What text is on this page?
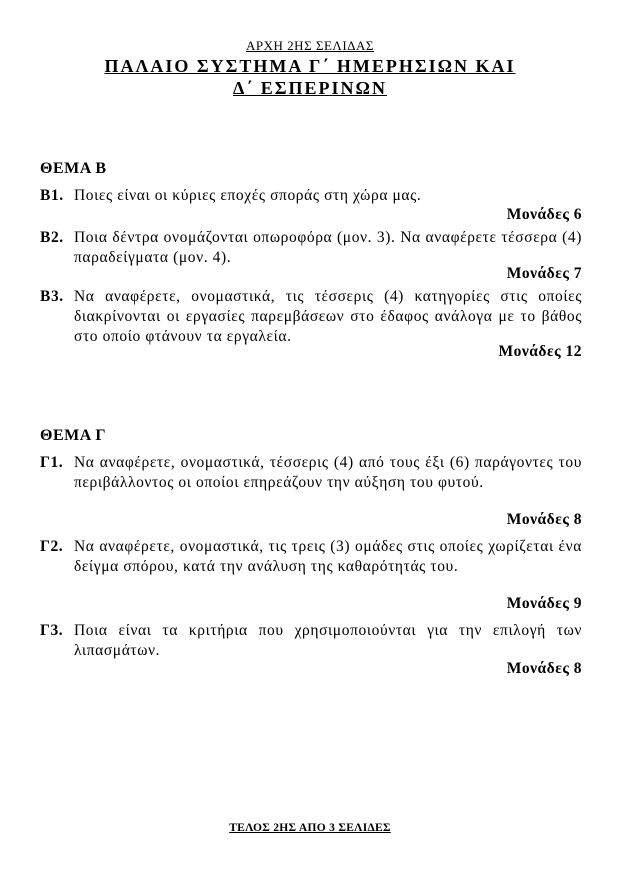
ΑΡΧΗ 2ΗΣ ΣΕΛΙΔΑΣ
ΠΑΛΑΙΟ ΣΥΣΤΗΜΑ Γ΄ ΗΜΕΡΗΣΙΩΝ ΚΑΙ
Δ΄ ΕΣΠΕΡΙΝΩΝ
ΘΕΜΑ Β
Β1. Ποιες είναι οι κύριες εποχές σποράς στη χώρα μας.
Μονάδες 6
Β2. Ποια δέντρα ονομάζονται οπωροφόρα (μον. 3). Να αναφέρετε τέσσερα (4) παραδείγματα (μον. 4).
Μονάδες 7
Β3. Να αναφέρετε, ονομαστικά, τις τέσσερις (4) κατηγορίες στις οποίες διακρίνονται οι εργασίες παρεμβάσεων στο έδαφος ανάλογα με το βάθος στο οποίο φτάνουν τα εργαλεία.
Μονάδες 12
ΘΕΜΑ Γ
Γ1. Να αναφέρετε, ονομαστικά, τέσσερις (4) από τους έξι (6) παράγοντες του περιβάλλοντος οι οποίοι επηρεάζουν την αύξηση του φυτού.
Μονάδες 8
Γ2. Να αναφέρετε, ονομαστικά, τις τρεις (3) ομάδες στις οποίες χωρίζεται ένα δείγμα σπόρου, κατά την ανάλυση της καθαρότητάς του.
Μονάδες 9
Γ3. Ποια είναι τα κριτήρια που χρησιμοποιούνται για την επιλογή των λιπασμάτων.
Μονάδες 8
ΤΕΛΟΣ 2ΗΣ ΑΠΟ 3 ΣΕΛΙΔΕΣ
